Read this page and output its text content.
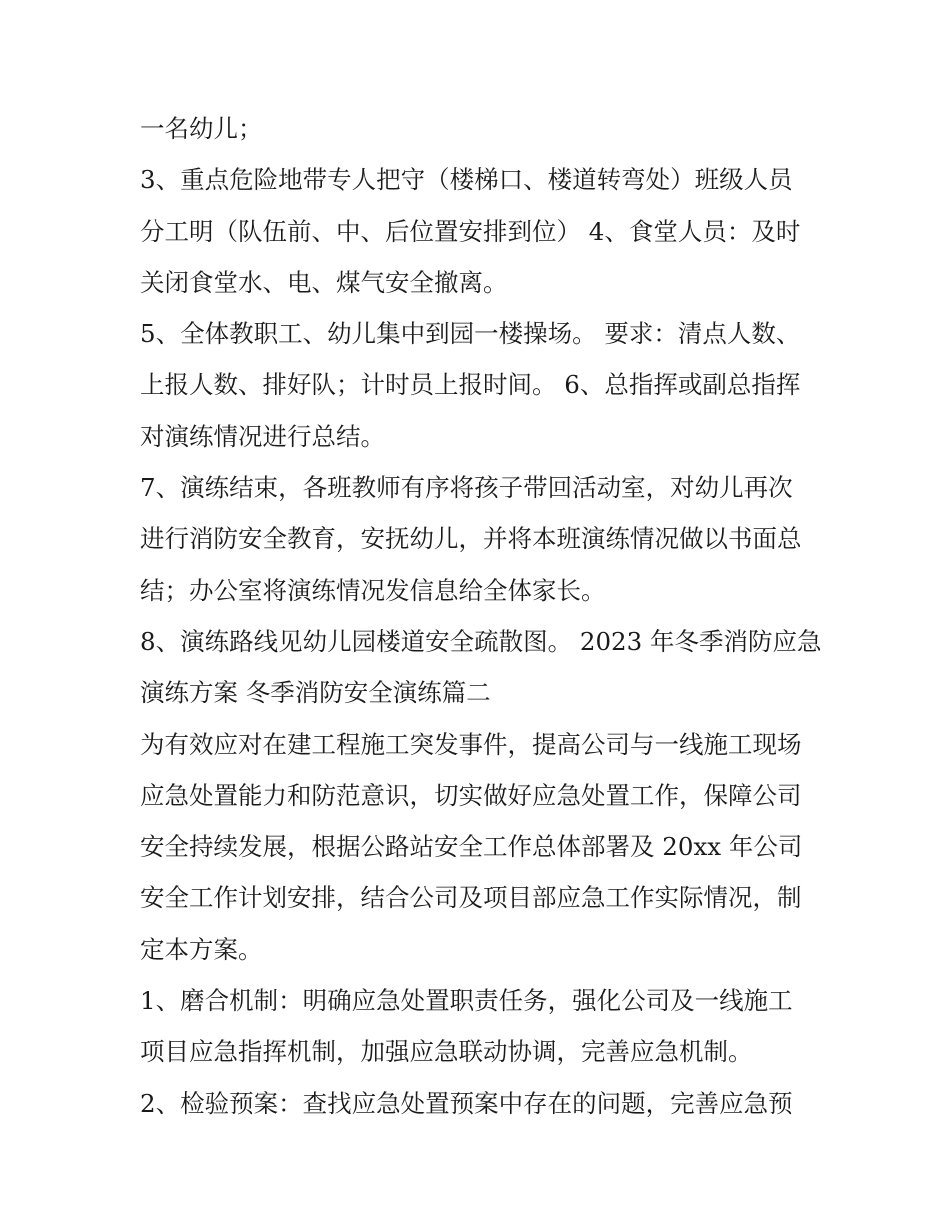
一名幼儿；
3、重点危险地带专人把守（楼梯口、楼道转弯处）班级人员
分工明（队伍前、中、后位置安排到位） 4、食堂人员：及时
关闭食堂水、电、煤气安全撤离。
5、全体教职工、幼儿集中到园一楼操场。 要求：清点人数、
上报人数、排好队；计时员上报时间。 6、总指挥或副总指挥
对演练情况进行总结。
7、演练结束，各班教师有序将孩子带回活动室，对幼儿再次
进行消防安全教育，安抚幼儿，并将本班演练情况做以书面总
结；办公室将演练情况发信息给全体家长。
8、演练路线见幼儿园楼道安全疏散图。 2023 年冬季消防应急
演练方案 冬季消防安全演练篇二
为有效应对在建工程施工突发事件，提高公司与一线施工现场
应急处置能力和防范意识，切实做好应急处置工作，保障公司
安全持续发展，根据公路站安全工作总体部署及 20xx 年公司
安全工作计划安排，结合公司及项目部应急工作实际情况，制
定本方案。
1、磨合机制：明确应急处置职责任务，强化公司及一线施工
项目应急指挥机制，加强应急联动协调，完善应急机制。
2、检验预案：查找应急处置预案中存在的问题，完善应急预
